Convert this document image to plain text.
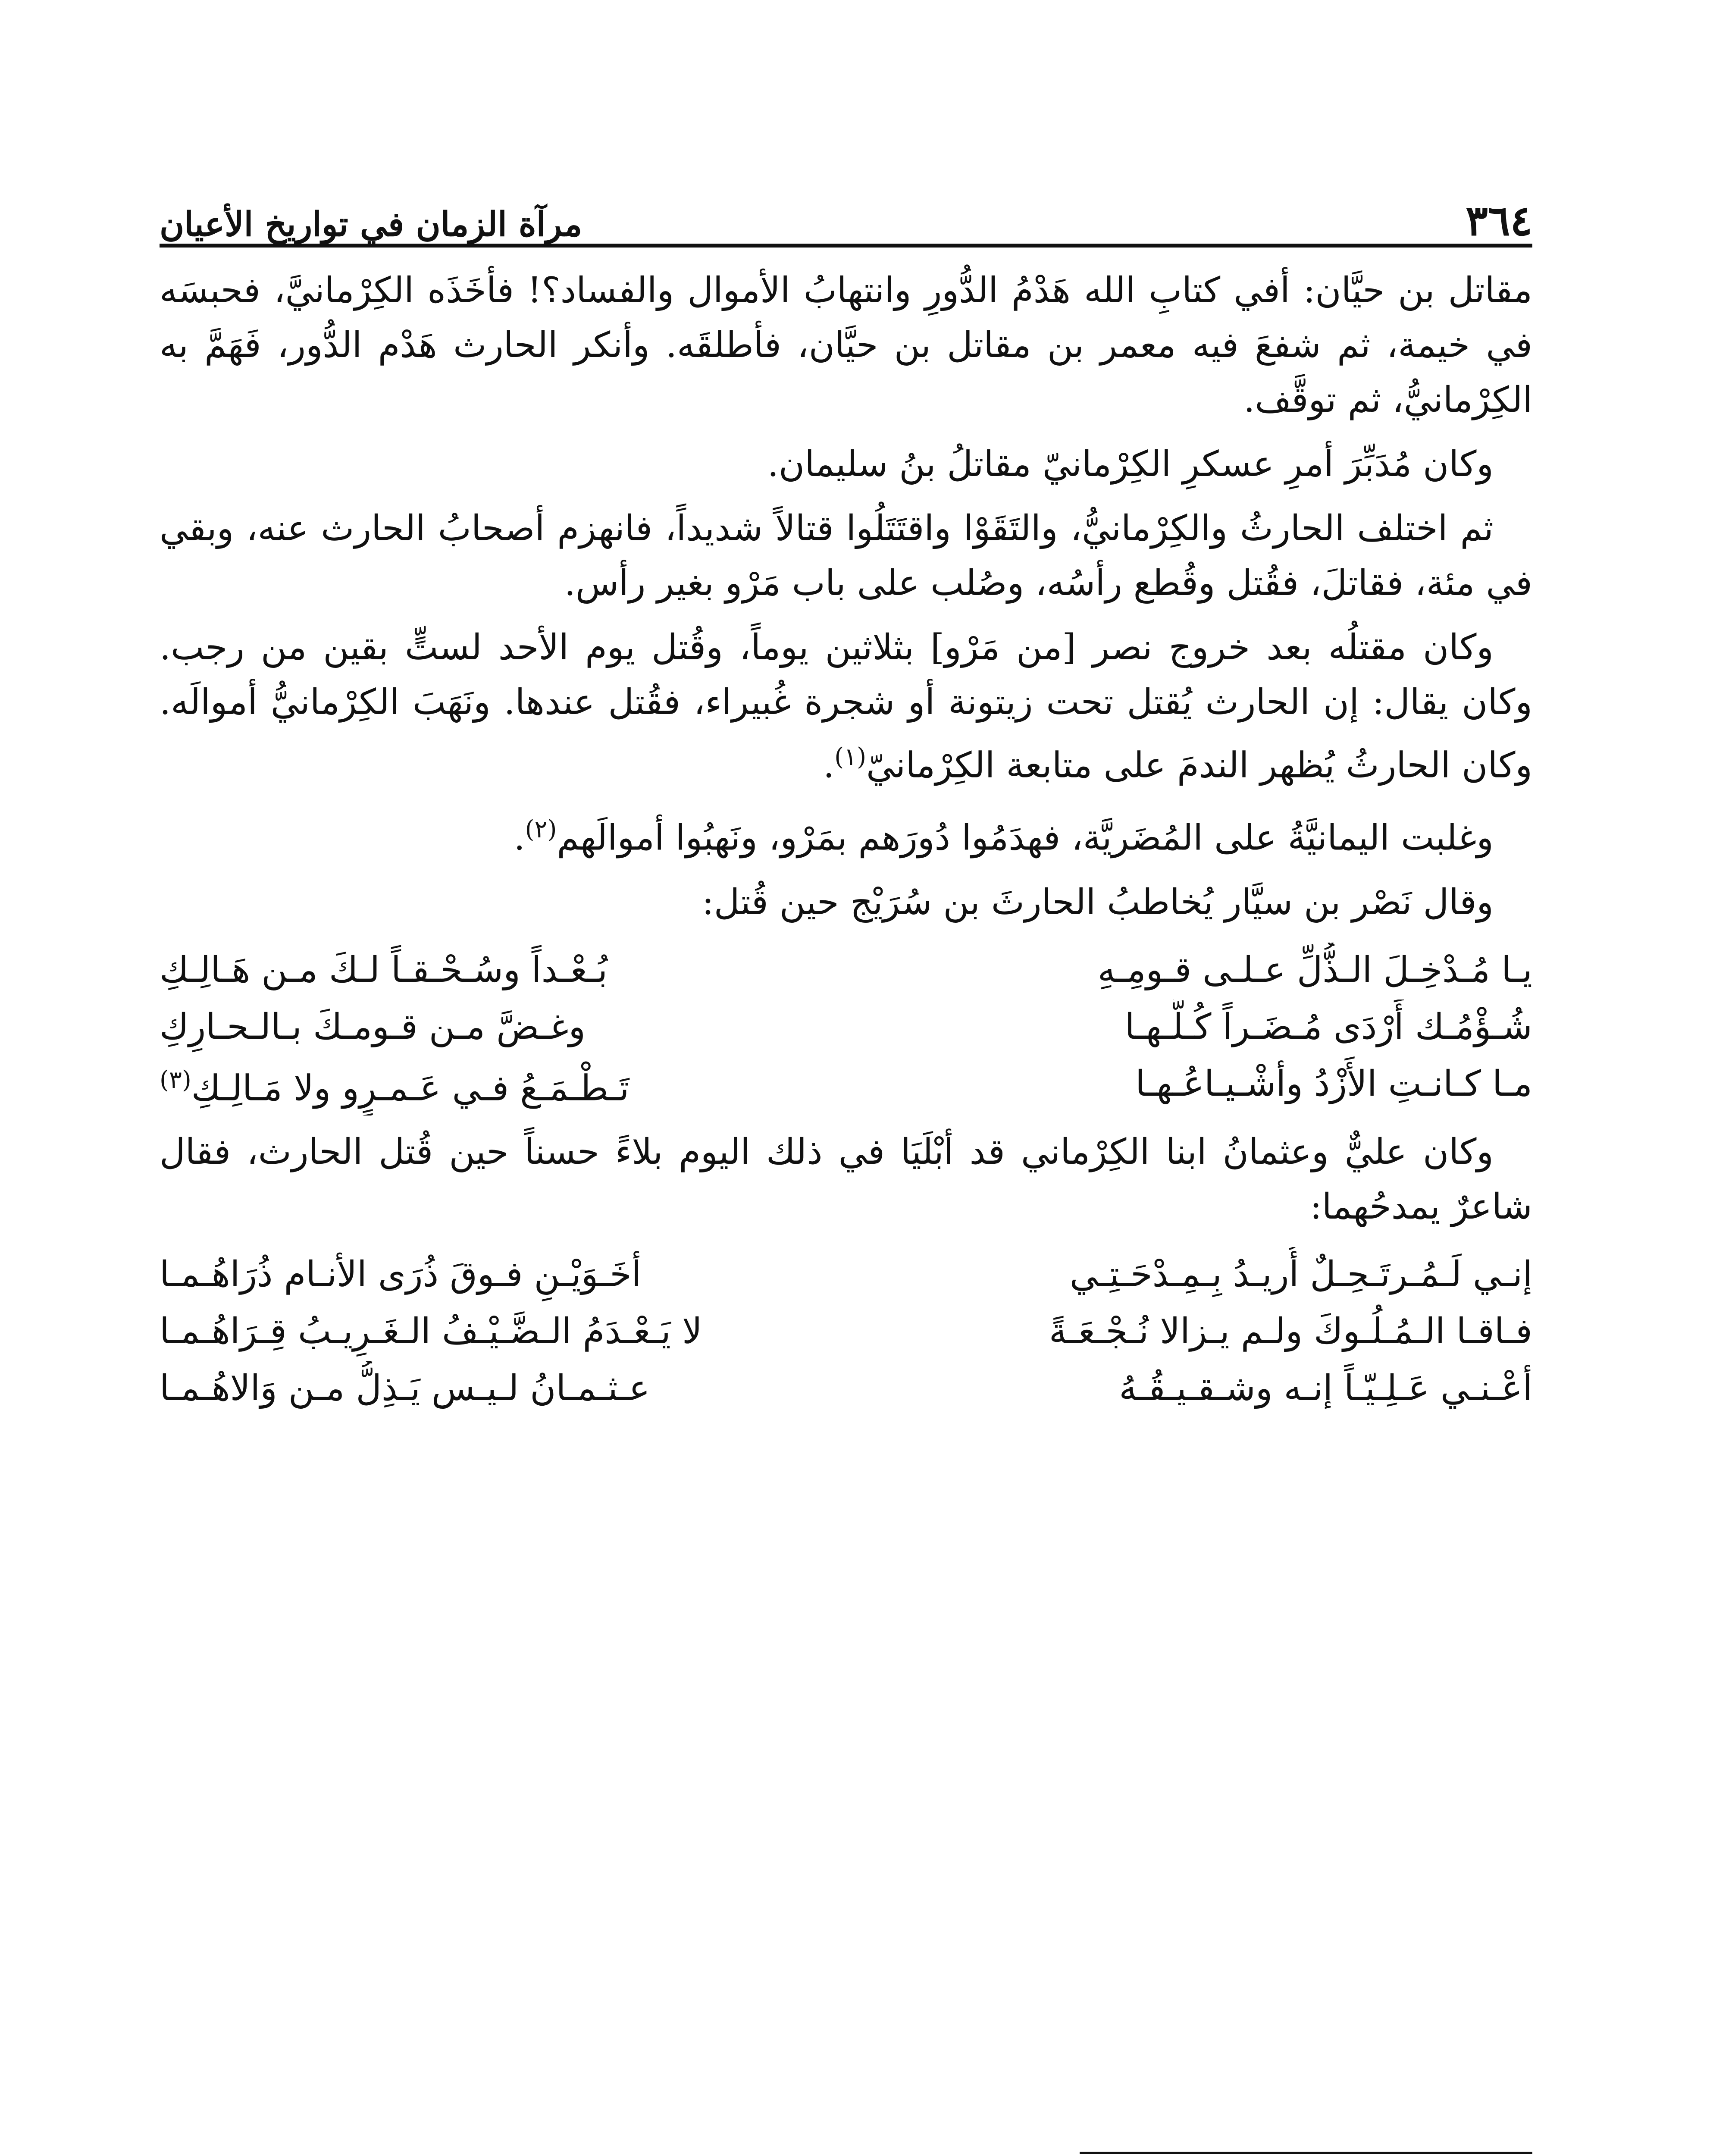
٣٦٤
مرآة الزمان في تواريخ الأعيان

مقاتل بن حيَّان: أفي كتابِ الله هَدْمُ الدُّورِ وانتهابُ الأموال والفساد؟! فأخَذَه الكِرْمانيَّ، فحبسَه في خيمة، ثم شفعَ فيه معمر بن مقاتل بن حيَّان، فأطلقَه. وأنكر الحارث هَدْم الدُّور، فَهَمَّ به الكِرْمانيُّ، ثم توقَّف.

وكان مُدَبِّرَ أمرِ عسكرِ الكِرْمانيّ مقاتلُ بنُ سليمان.

ثم اختلف الحارثُ والكِرْمانيُّ، والتَقَوْا واقتَتَلُوا قتالاً شديداً، فانهزم أصحابُ الحارث عنه، وبقي في مئة، فقاتلَ، فقُتل وقُطع رأسُه، وصُلب على باب مَرْو بغير رأس.

وكان مقتلُه بعد خروج نصر [من مَرْو] بثلاثين يوماً، وقُتل يوم الأحد لستٍّ بقين من رجب. وكان يقال: إن الحارث يُقتل تحت زيتونة أو شجرة غُبيراء، فقُتل عندها. ونَهَبَ الكِرْمانيُّ أموالَه. وكان الحارثُ يُظهر الندمَ على متابعة الكِرْمانيّ$^{(١)}$.

وغلبت اليمانيَّةُ على المُضَريَّة، فهدَمُوا دُورَهم بمَرْو، ونَهبُوا أموالَهم$^{(٢)}$.

وقال نَصْر بن سيَّار يُخاطبُ الحارثَ بن سُرَيْج حين قُتل:

يـا مُـدْخِـلَ الـذُّلِّ عـلـى قـومِـهِ
بُـعْـداً وسُـحْـقـاً لـكَ مـن هَـالِـكِ
شُـؤْمُـك أَرْدَى مُـضَـراً كُـلَّـهـا
وغـضَّ مـن قـومـكَ بـالـحـارِكِ
مـا كـانـتِ الأَزْدُ وأشْـيـاعُـهـا
تَـطْـمَـعُ فـي عَـمـرٍو ولا مَـالِـكِ$^{(٣)}$

وكان عليٌّ وعثمانُ ابنا الكِرْماني قد أبْلَيَا في ذلك اليوم بلاءً حسناً حين قُتل الحارث، فقال شاعرٌ يمدحُهما:

إنـي لَـمُـرتَـحِـلٌ أُريـدُ بِـمِـدْحَـتِـي
أخَـوَيْـنِ فـوقَ ذُرَى الأنـام ذُرَاهُـمـا
فـاقـا الـمُـلُـوكَ ولـم يـزالا نُـجْـعَـةً
لا يَـعْـدَمُ الـضَّـيْـفُ الـغَـرِيـبُ قِـرَاهُـمـا
أعْـنـي عَـلِـيّـاً إنـه وشـقـيـقُـهُ
عـثـمـانُ لـيـس يَـذِلُّ مـن وَالاهُـمـا
